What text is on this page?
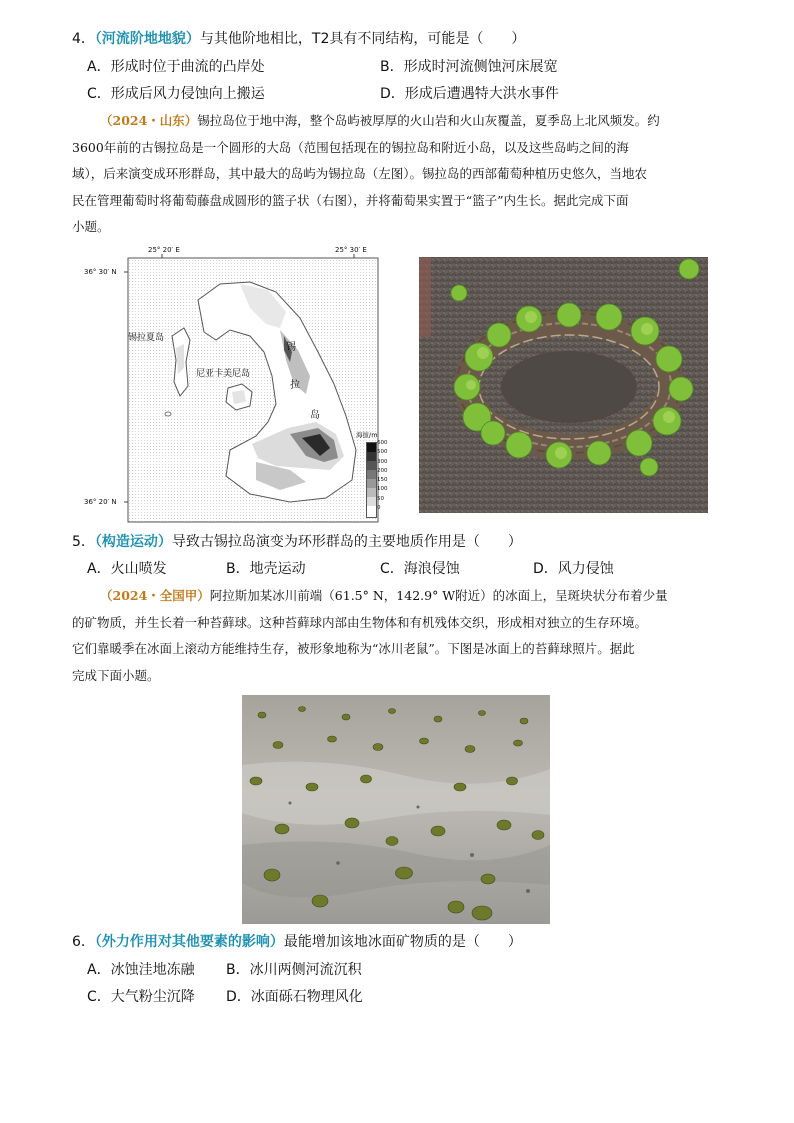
4．（河流阶地地貌）与其他阶地相比，T2具有不同结构，可能是（　　）
A．形成时位于曲流的凸岸处	B．形成时河流侧蚀河床展宽
C．形成后风力侵蚀向上搬运	D．形成后遭遇特大洪水事件
（2024・山东）锡拉岛位于地中海，整个岛屿被厚厚的火山岩和火山灰覆盖，夏季岛上北风频发。约
3600年前的古锡拉岛是一个圆形的大岛（范围包括现在的锡拉岛和附近小岛，以及这些岛屿之间的海
域），后来演变成环形群岛，其中最大的岛屿为锡拉岛（左图）。锡拉岛的西部葡萄种植历史悠久，当地农
民在管理葡萄时将葡萄藤盘成圆形的篮子状（右图），并将葡萄果实置于“篮子”内生长。据此完成下面
小题。
25° 20′ E	25° 30′ E
36° 30′ N
36° 20′ N
锡拉夏岛
尼亚卡美尼岛
锡
拉
岛
海拔/m
600
500
300
200
150
100
50
0
5．（构造运动）导致古锡拉岛演变为环形群岛的主要地质作用是（　　）
A．火山喷发	B．地壳运动	C．海浪侵蚀	D．风力侵蚀
（2024・全国甲）阿拉斯加某冰川前端（61.5° N，142.9° W附近）的冰面上，呈斑块状分布着少量
的矿物质，并生长着一种苔藓球。这种苔藓球内部由生物体和有机残体交织，形成相对独立的生存环境。
它们靠暖季在冰面上滚动方能维持生存，被形象地称为“冰川老鼠”。下图是冰面上的苔藓球照片。据此
完成下面小题。
6．（外力作用对其他要素的影响）最能增加该地冰面矿物质的是（　　）
A．冰蚀洼地冻融 B．冰川两侧河流沉积
C．大气粉尘沉降 D．冰面砾石物理风化
